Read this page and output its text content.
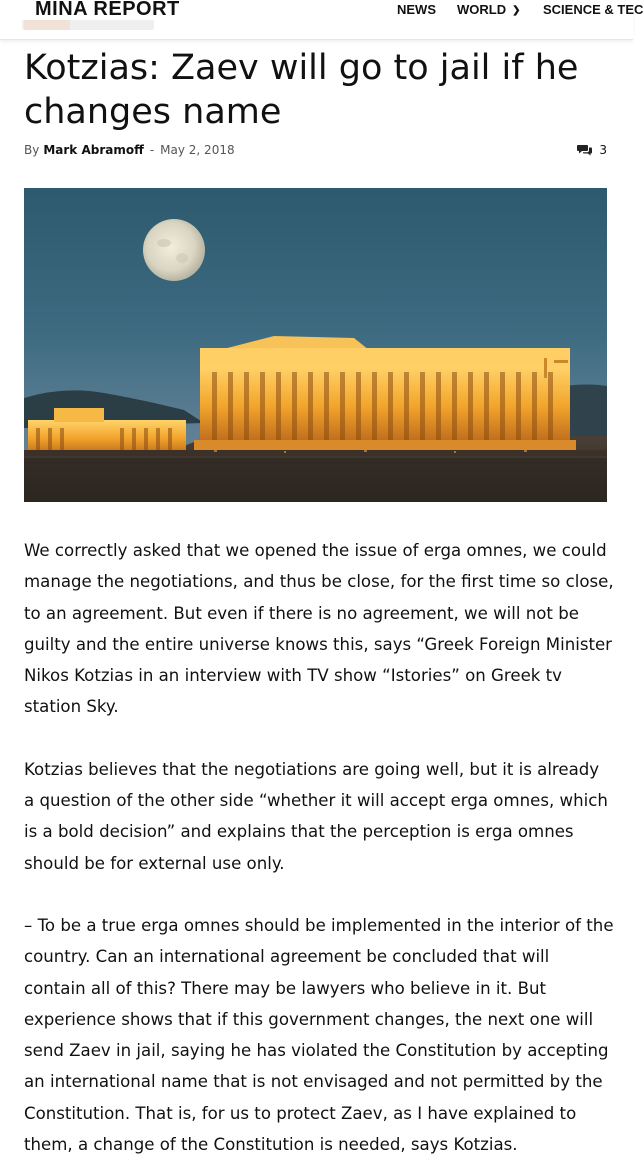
MINA REPORT	NEWS WORLD ❯ SCIENCE & TEC
Kotzias: Zaev will go to jail if he changes name
By Mark Abramoff - May 2, 2018	3

We correctly asked that we opened the issue of erga omnes, we could manage the negotiations, and thus be close, for the first time so close, to an agreement. But even if there is no agreement, we will not be guilty and the entire universe knows this, says “Greek Foreign Minister Nikos Kotzias in an interview with TV show “Istories” on Greek tv station Sky.

Kotzias believes that the negotiations are going well, but it is already a question of the other side “whether it will accept erga omnes, which is a bold decision” and explains that the perception is erga omnes should be for external use only.

– To be a true erga omnes should be implemented in the interior of the country. Can an international agreement be concluded that will contain all of this? There may be lawyers who believe in it. But experience shows that if this government changes, the next one will send Zaev in jail, saying he has violated the Constitution by accepting an international name that is not envisaged and not permitted by the Constitution. That is, for us to protect Zaev, as I have explained to them, a change of the Constitution is needed, says Kotzias.
